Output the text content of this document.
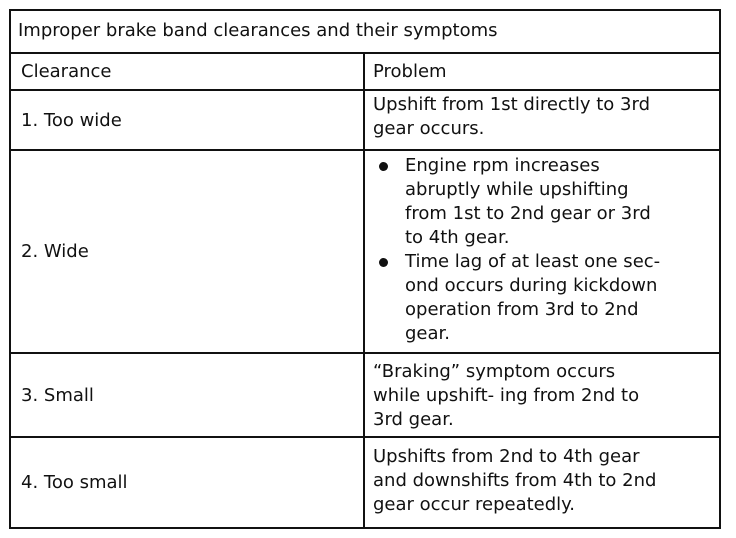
Improper brake band clearances and their symptoms
Clearance	Problem
1. Too wide
Upshift from 1st directly to 3rd
gear occurs.
2. Wide
Engine rpm increases
abruptly while upshifting
from 1st to 2nd gear or 3rd
to 4th gear.
Time lag of at least one sec-
ond occurs during kickdown
operation from 3rd to 2nd
gear.
3. Small
“Braking” symptom occurs
while upshift- ing from 2nd to
3rd gear.
4. Too small
Upshifts from 2nd to 4th gear
and downshifts from 4th to 2nd
gear occur repeatedly.
